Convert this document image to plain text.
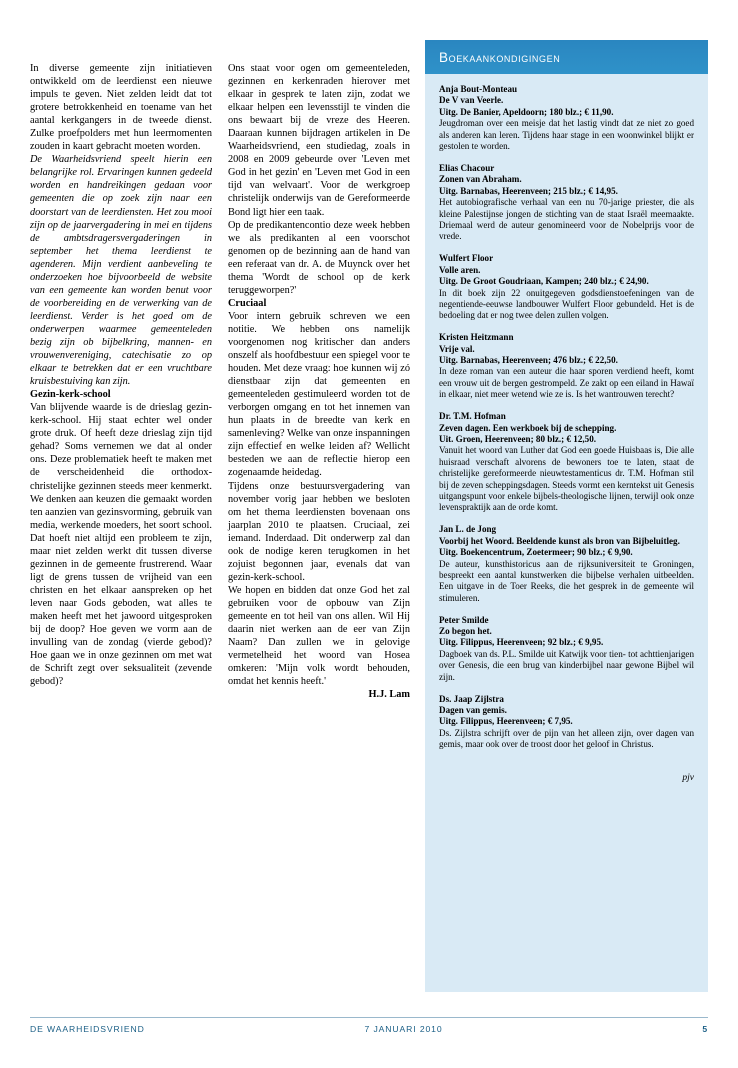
In diverse gemeente zijn initiatieven ontwikkeld om de leerdienst een nieuwe impuls te geven. Niet zelden leidt dat tot grotere betrokkenheid en toename van het aantal kerkgangers in de tweede dienst. Zulke proefpolders met hun leermomenten zouden in kaart gebracht moeten worden.

De Waarheidsvriend speelt hierin een belangrijke rol. Ervaringen kunnen gedeeld worden en handreikingen gedaan voor gemeenten die op zoek zijn naar een doorstart van de leerdiensten. Het zou mooi zijn op de jaarvergadering in mei en tijdens de ambtsdragersvergaderingen in september het thema leerdienst te agenderen. Mijn verdient aanbeveling te onderzoeken hoe bijvoorbeeld de website van een gemeente kan worden benut voor de voorbereiding en de verwerking van de leerdienst. Verder is het goed om de onderwerpen waarmee gemeenteleden bezig zijn ob bijbelkring, mannen- en vrouwenvereniging, catechisatie zo op elkaar te betrekken dat er een vruchtbare kruisbestuiving kan zijn.

Gezin-kerk-school

Van blijvende waarde is de drieslag gezin-kerk-school. Hij staat echter wel onder grote druk. Of heeft deze drieslag zijn tijd gehad? Soms vernemen we dat al onder ons. Deze problematiek heeft te maken met de verscheidenheid die orthodox-christelijke gezinnen steeds meer kenmerkt. We denken aan keuzen die gemaakt worden ten aanzien van gezinsvorming, gebruik van media, werkende moeders, het soort school. Dat hoeft niet altijd een probleem te zijn, maar niet zelden werkt dit tussen diverse gezinnen in de gemeente frustrerend. Waar ligt de grens tussen de vrijheid van een christen en het elkaar aanspreken op het leven naar Gods geboden, wat alles te maken heeft met het jawoord uitgesproken bij de doop? Hoe geven we vorm aan de invulling van de zondag (vierde gebod)? Hoe gaan we in onze gezinnen om met wat de Schrift zegt over seksualiteit (zevende gebod)?

Ons staat voor ogen om gemeenteleden, gezinnen en kerkenraden hierover met elkaar in gesprek te laten zijn, zodat we elkaar helpen een levensstijl te vinden die ons bewaart bij de vreze des Heeren. Daaraan kunnen bijdragen artikelen in De Waarheidsvriend, een studiedag, zoals in 2008 en 2009 gebeurde over 'Leven met God in het gezin' en 'Leven met God in een tijd van welvaart'. Voor de werkgroep christelijk onderwijs van de Gereformeerde Bond ligt hier een taak.

Op de predikantencontio deze week hebben we als predikanten al een voorschot genomen op de bezinning aan de hand van een referaat van dr. A. de Muynck over het thema 'Wordt de school op de kerk teruggeworpen?'

Cruciaal

Voor intern gebruik schreven we een notitie. We hebben ons namelijk voorgenomen nog kritischer dan anders onszelf als hoofdbestuur een spiegel voor te houden. Met deze vraag: hoe kunnen wij zó dienstbaar zijn dat gemeenten en gemeenteleden gestimuleerd worden tot de verborgen omgang en tot het innemen van hun plaats in de breedte van kerk en samenleving? Welke van onze inspanningen zijn effectief en welke leiden af? Wellicht besteden we aan de reflectie hierop een zogenaamde heidedag.

Tijdens onze bestuursvergadering van november vorig jaar hebben we besloten om het thema leerdiensten bovenaan ons jaarplan 2010 te plaatsen. Cruciaal, zei iemand. Inderdaad. Dit onderwerp zal dan ook de nodige keren terugkomen in het zojuist begonnen jaar, evenals dat van gezin-kerk-school.

We hopen en bidden dat onze God het zal gebruiken voor de opbouw van Zijn gemeente en tot heil van ons allen. Wil Hij daarin niet werken aan de eer van Zijn Naam? Dan zullen we in gelovige vermetelheid het woord van Hosea omkeren: 'Mijn volk wordt behouden, omdat het kennis heeft.'

H.J. Lam

Boekaankondigingen
Anja Bout-Monteau
De V van Veerle.
Uitg. De Banier, Apeldoorn; 180 blz.; € 11,90.
Jeugdroman over een meisje dat het lastig vindt dat ze niet zo goed als anderen kan leren. Tijdens haar stage in een woonwinkel blijkt er gestolen te worden.
Elias Chacour
Zonen van Abraham.
Uitg. Barnabas, Heerenveen; 215 blz.; € 14,95.
Het autobiografische verhaal van een nu 70-jarige priester, die als kleine Palestijnse jongen de stichting van de staat Israël meemaakte. Driemaal werd de auteur genomineerd voor de Nobelprijs voor de vrede.
Wulfert Floor
Volle aren.
Uitg. De Groot Goudriaan, Kampen; 240 blz.; € 24,90.
In dit boek zijn 22 onuitgegeven godsdienstoefeningen van de negentiende-eeuwse landbouwer Wulfert Floor gebundeld. Het is de bedoeling dat er nog twee delen zullen volgen.
Kristen Heitzmann
Vrije val.
Uitg. Barnabas, Heerenveen; 476 blz.; € 22,50.
In deze roman van een auteur die haar sporen verdiend heeft, komt een vrouw uit de bergen gestrompeld. Ze zakt op een eiland in Hawaï in elkaar, niet meer wetend wie ze is. Is het wantrouwen terecht?
Dr. T.M. Hofman
Zeven dagen. Een werkboek bij de schepping.
Uit. Groen, Heerenveen; 80 blz.; € 12,50.
Vanuit het woord van Luther dat God een goede Huisbaas is, Die alle huisraad verschaft alvorens de bewoners toe te laten, staat de christelijke gereformeerde nieuwtestamenticus dr. T.M. Hofman stil bij de zeven scheppingsdagen. Steeds vormt een kerntekst uit Genesis uitgangspunt voor enkele bijbels-theologische lijnen, terwijl ook onze levenspraktijk aan de orde komt.
Jan L. de Jong
Voorbij het Woord. Beeldende kunst als bron van Bijbeluitleg.
Uitg. Boekencentrum, Zoetermeer; 90 blz.; € 9,90.
De auteur, kunsthistoricus aan de rijksuniversiteit te Groningen, bespreekt een aantal kunstwerken die bijbelse verhalen uitbeelden. Een uitgave in de Toer Reeks, die het gesprek in de gemeente wil stimuleren.
Peter Smilde
Zo begon het.
Uitg. Filippus, Heerenveen; 92 blz.; € 9,95.
Dagboek van ds. P.L. Smilde uit Katwijk voor tien- tot achttienjarigen over Genesis, die een brug van kinderbijbel naar gewone Bijbel wil zijn.
Ds. Jaap Zijlstra
Dagen van gemis.
Uitg. Filippus, Heerenveen; € 7,95.
Ds. Zijlstra schrijft over de pijn van het alleen zijn, over dagen van gemis, maar ook over de troost door het geloof in Christus.
pjv
DE WAARHEIDSVRIEND	7 JANUARI 2010	5
